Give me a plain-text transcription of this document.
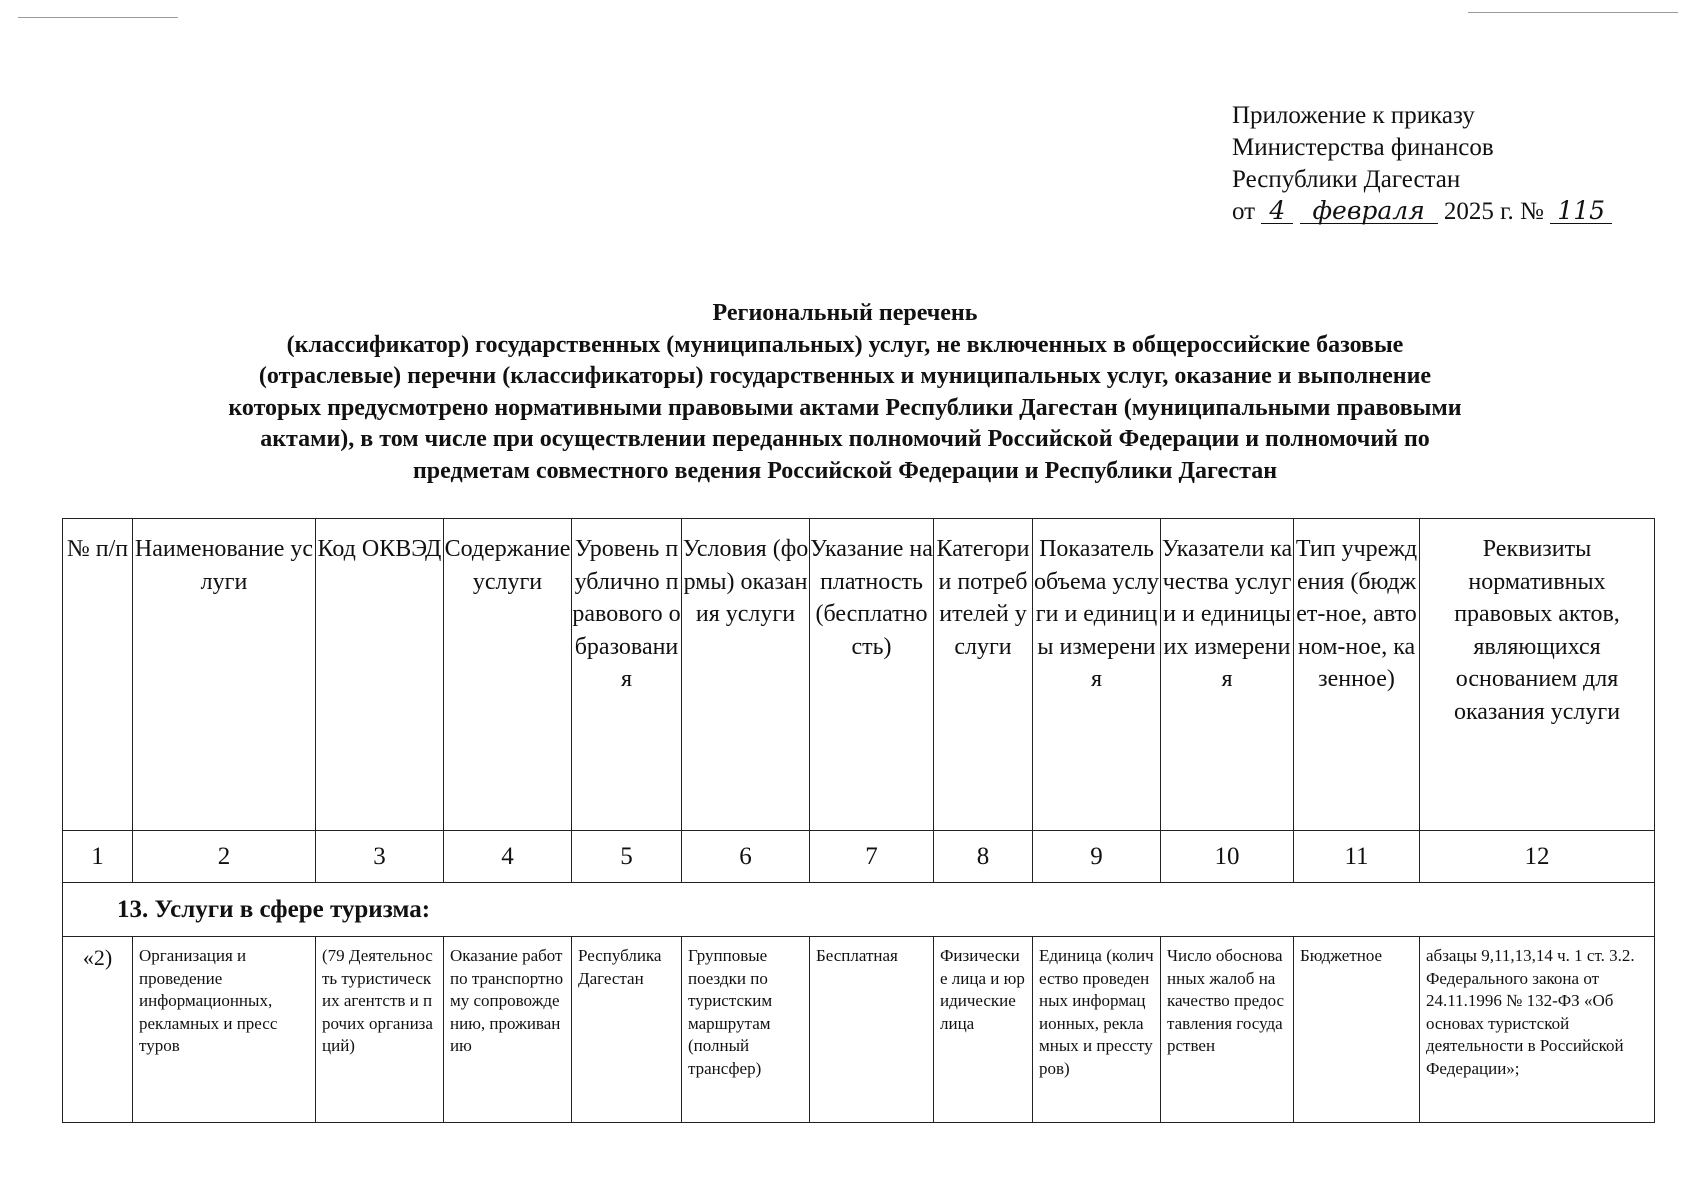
Приложение к приказу
Министерства финансов
Республики Дагестан
от 4 февраля 2025 г. № 115
Региональный перечень
(классификатор) государственных (муниципальных) услуг, не включенных в общероссийские базовые
(отраслевые) перечни (классификаторы) государственных и муниципальных услуг, оказание и выполнение
которых предусмотрено нормативными правовыми актами Республики Дагестан (муниципальными правовыми
актами), в том числе при осуществлении переданных полномочий Российской Федерации и полномочий по
предметам совместного ведения Российской Федерации и Республики Дагестан
№ п/п	Наименование услуги	Код ОКВЭД	Содержание услуги	Уровень публично правового образования	Условия (формы) оказания услуги	Указание на платность (бесплатность)	Категории потребителей услуги	Показатель объема услуги и единицы измерения	Указатели качества услуги и единицы их измерения	Тип учреждения (бюджет-ное, автоном-ное, казенное)	Реквизиты нормативных правовых актов, являющихся основанием для оказания услуги
1	2	3	4	5	6	7	8	9	10	11	12
13. Услуги в сфере туризма:											
«2)	Организация и проведение информационных, рекламных и пресс туров	(79 Деятельность туристических агентств и прочих организаций)	Оказание работ по транспортному сопровождению, проживанию	Республика Дагестан	Групповые поездки по туристским маршрутам (полный трансфер)	Бесплатная	Физические лица и юридические лица	Единица (количество проведенных информационных, рекламных и пресстуров)	Число обоснованных жалоб на качество предоставления государствен	Бюджетное	абзацы 9,11,13,14 ч. 1 ст. 3.2. Федерального закона от 24.11.1996 № 132-ФЗ «Об основах туристской деятельности в Российской Федерации»;
